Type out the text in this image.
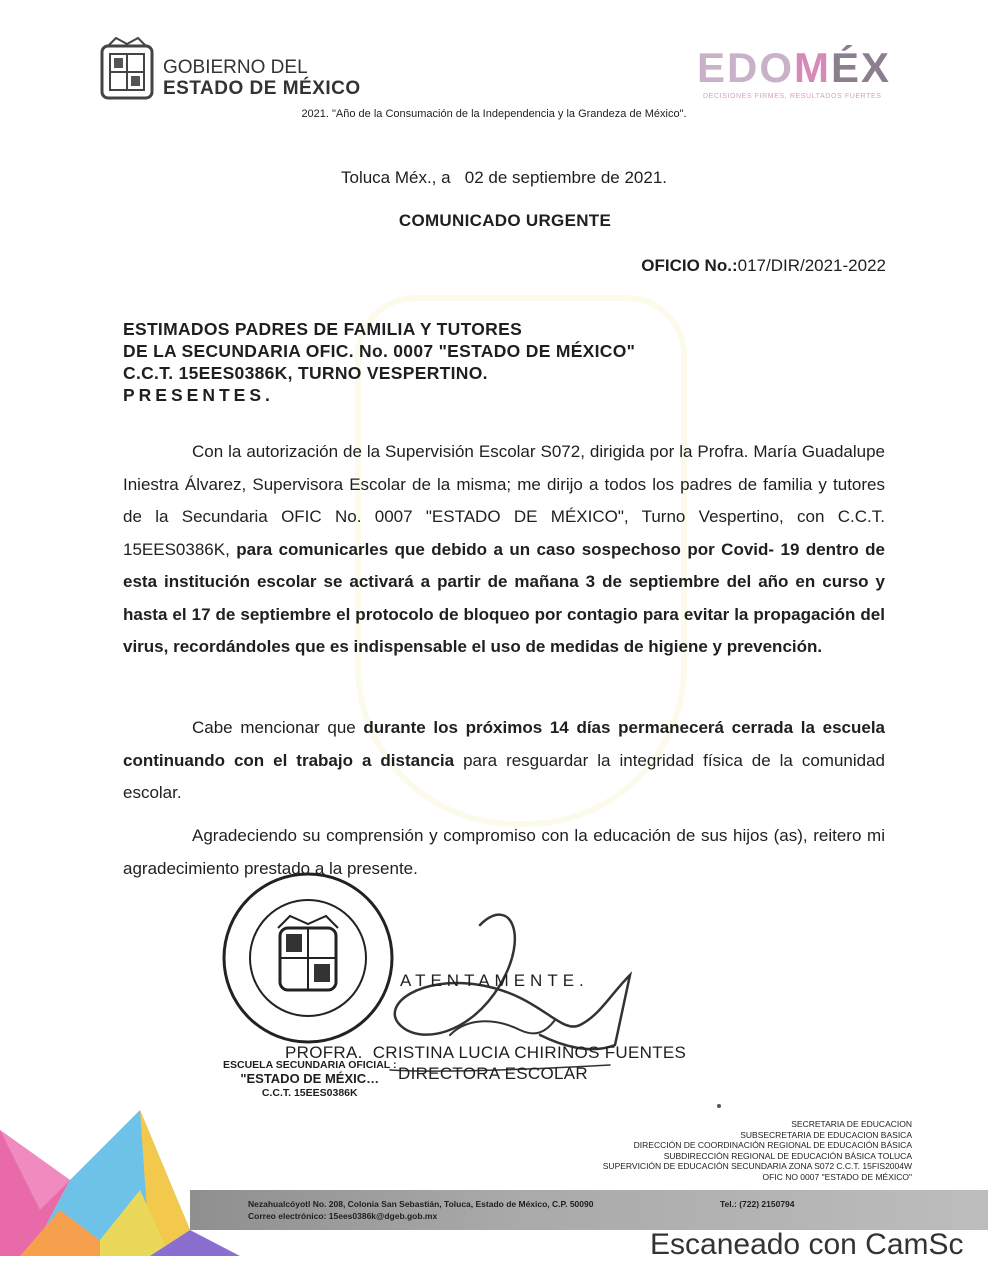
GOBIERNO DEL
ESTADO DE MÉXICO	EDOMÉX
DECISIONES FIRMES, RESULTADOS FUERTES
2021. "Año de la Consumación de la Independencia y la Grandeza de México".
Toluca Méx., a   02 de septiembre de 2021.
COMUNICADO URGENTE
OFICIO No.:017/DIR/2021-2022
ESTIMADOS PADRES DE FAMILIA Y TUTORES
DE LA SECUNDARIA OFIC. No. 0007 "ESTADO DE MÉXICO"
C.C.T. 15EES0386K, TURNO VESPERTINO.
PRESENTES.
Con la autorización de la Supervisión Escolar S072, dirigida por la Profra. María Guadalupe Iniestra Álvarez, Supervisora Escolar de la misma; me dirijo a todos los padres de familia y tutores de la Secundaria OFIC No. 0007 "ESTADO DE MÉXICO", Turno Vespertino, con C.C.T. 15EES0386K, para comunicarles que debido a un caso sospechoso por Covid- 19 dentro de esta institución escolar se activará a partir de mañana 3 de septiembre del año en curso y hasta el 17 de septiembre el protocolo de bloqueo por contagio para evitar la propagación del virus, recordándoles que es indispensable el uso de medidas de higiene y prevención.
Cabe mencionar que durante los próximos 14 días permanecerá cerrada la escuela continuando con el trabajo a distancia para resguardar la integridad física de la comunidad escolar.
Agradeciendo su comprensión y compromiso con la educación de sus hijos (as), reitero mi agradecimiento prestado a la presente.
ATENTAMENTE.
PROFRA.  CRISTINA LUCIA CHIRINOS FUENTES
DIRECTORA ESCOLAR
ESCUELA SECUNDARIA OFICIAL :
"ESTADO DE MÉXIC…
C.C.T. 15EES0386K
SECRETARIA DE EDUCACION
SUBSECRETARIA DE EDUCACION BASICA
DIRECCIÓN DE COORDINACIÓN REGIONAL DE EDUCACIÓN BÁSICA
SUBDIRECCIÓN REGIONAL DE EDUCACIÓN BÁSICA TOLUCA
SUPERVICIÓN DE EDUCACIÓN SECUNDARIA ZONA S072 C.C.T. 15FIS2004W
OFIC NO 0007 "ESTADO DE MÉXICO"
Nezahualcóyotl No. 208, Colonia San Sebastián, Toluca, Estado de México, C.P. 50090	Tel.: (722) 2150794
Correo electrónico: 15ees0386k@dgeb.gob.mx
Escaneado con CamSc
